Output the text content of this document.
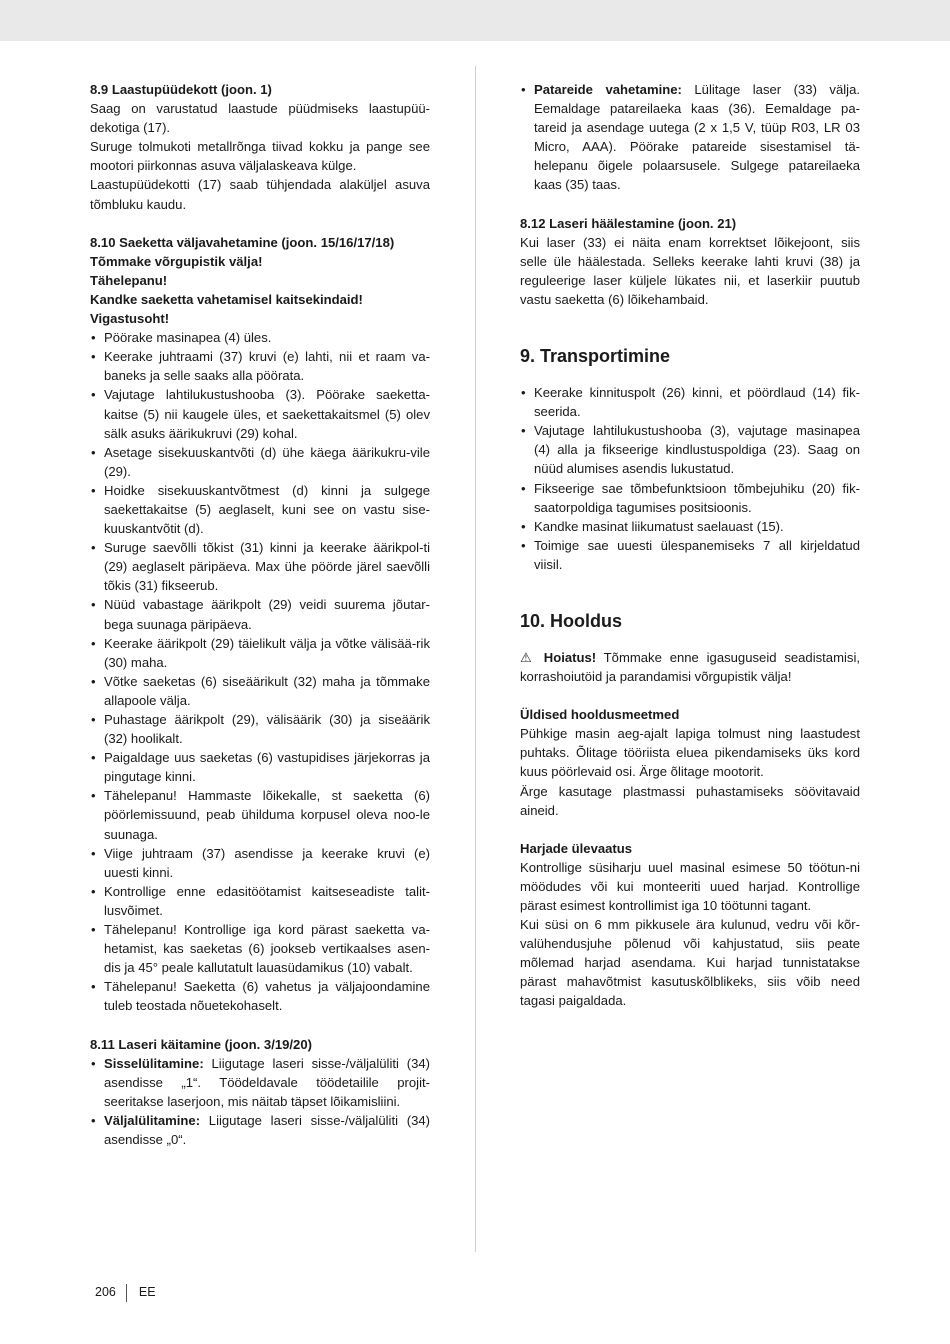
8.9 Laastupüüdekott (joon. 1)

Saag on varustatud laastude püüdmiseks laastupüü-
dekotiga (17).
Suruge tolmukoti metallrõnga tiivad kokku ja pange see
mootori piirkonnas asuva väljalaskeava külge.
Laastupüüdekotti (17) saab tühjendada alaküljel asuva
tõmbluku kaudu.

8.10 Saeketta väljavahetamine (joon. 15/16/17/18)

Tõmmake võrgupistik välja!

Tähelepanu!

Kandke saeketta vahetamisel kaitsekindaid!

Vigastusoht!

• Pöörake masinapea (4) üles.
• Keerake juhtraami (37) kruvi (e) lahti, nii et raam va-baneks ja selle saaks alla pöörata.
• Vajutage lahtilukustushooba (3). Pöörake saeketta-kaitse (5) nii kaugele üles, et saekettakaitsmel (5) olev sälk asuks äärikukruvi (29) kohal.
• Asetage sisekuuskantvõti (d) ühe käega äärikukru-vile (29).
• Hoidke sisekuuskantvõtmest (d) kinni ja sulgege saekettakaitse (5) aeglaselt, kuni see on vastu sise-kuuskantvõtit (d).
• Suruge saevõlli tõkist (31) kinni ja keerake äärikpol-ti (29) aeglaselt päripäeva. Max ühe pöörde järel saevõlli tõkis (31) fikseerub.
• Nüüd vabastage äärikpolt (29) veidi suurema jõutar-bega suunaga päripäeva.
• Keerake äärikpolt (29) täielikult välja ja võtke välisää-rik (30) maha.
• Võtke saeketas (6) siseäärikult (32) maha ja tõmmake allapoole välja.
• Puhastage äärikpolt (29), välisäärik (30) ja siseäärik (32) hoolikalt.
• Paigaldage uus saeketas (6) vastupidises järjekorras ja pingutage kinni.
• Tähelepanu! Hammaste lõikekalle, st saeketta (6) pöörlemissuund, peab ühilduma korpusel oleva noo-le suunaga.
• Viige juhtraam (37) asendisse ja keerake kruvi (e) uuesti kinni.
• Kontrollige enne edasitöötamist kaitseseadiste talit-lusvõimet.
• Tähelepanu! Kontrollige iga kord pärast saeketta va-hetamist, kas saeketas (6) jookseb vertikaalses asen-dis ja 45° peale kallutatult lauasüdamikus (10) vabalt.
• Tähelepanu! Saeketta (6) vahetus ja väljajoondamine tuleb teostada nõuetekohaselt.

8.11 Laseri käitamine (joon. 3/19/20)

• Sisselülitamine: Liigutage laseri sisse-/väljalüliti (34) asendisse „1“. Töödeldavale töödetailile projit-seeritakse laserjoon, mis näitab täpset lõikamisliini.
• Väljalülitamine: Liigutage laseri sisse-/väljalüliti (34) asendisse „0“.
• Patareide vahetamine: Lülitage laser (33) välja. Eemaldage patareilaeka kaas (36). Eemaldage pa-tareid ja asendage uutega (2 x 1,5 V, tüüp R03, LR 03 Micro, AAA). Pöörake patareide sisestamisel tä-helepanu õigele polaarsusele. Sulgege patareilaeka kaas (35) taas.

8.12 Laseri häälestamine (joon. 21)

Kui laser (33) ei näita enam korrektset lõikejoont, siis
selle üle häälestada. Selleks keerake lahti kruvi (38) ja
reguleerige laser küljele lükates nii, et laserkiir puutub
vastu saeketta (6) lõikehambaid.

9. Transportimine

• Keerake kinnituspolt (26) kinni, et pöördlaud (14) fik-seerida.
• Vajutage lahtilukustushooba (3), vajutage masinapea (4) alla ja fikseerige kindlustuspoldiga (23). Saag on nüüd alumises asendis lukustatud.
• Fikseerige sae tõmbefunktsioon tõmbejuhiku (20) fik-saatorpoldiga tagumises positsioonis.
• Kandke masinat liikumatust saelauast (15).
• Toimige sae uuesti ülespanemiseks 7 all kirjeldatud viisil.

10. Hooldus

⚠ Hoiatus! Tõmmake enne igasuguseid seadistamisi, korrashoiutöid ja parandamisi võrgupistik välja!

Üldised hooldusmeetmed

Pühkige masin aeg-ajalt lapiga tolmust ning laastudest puhtaks. Õlitage tööriista eluea pikendamiseks üks kord kuus pöörlevaid osi. Ärge õlitage mootorit.

Ärge kasutage plastmassi puhastamiseks söövitavaid aineid.

Harjade ülevaatus

Kontrollige süsiharju uuel masinal esimese 50 töötun-ni möödudes või kui monteeriti uued harjad. Kontrollige pärast esimest kontrollimist iga 10 töötunni tagant.

Kui süsi on 6 mm pikkusele ära kulunud, vedru või kõr-valühendusjuhe põlenud või kahjustatud, siis peate mõlemad harjad asendama. Kui harjad tunnistatakse pärast mahavõtmist kasutuskõlblikeks, siis võib need tagasi paigaldada.

206 EE
